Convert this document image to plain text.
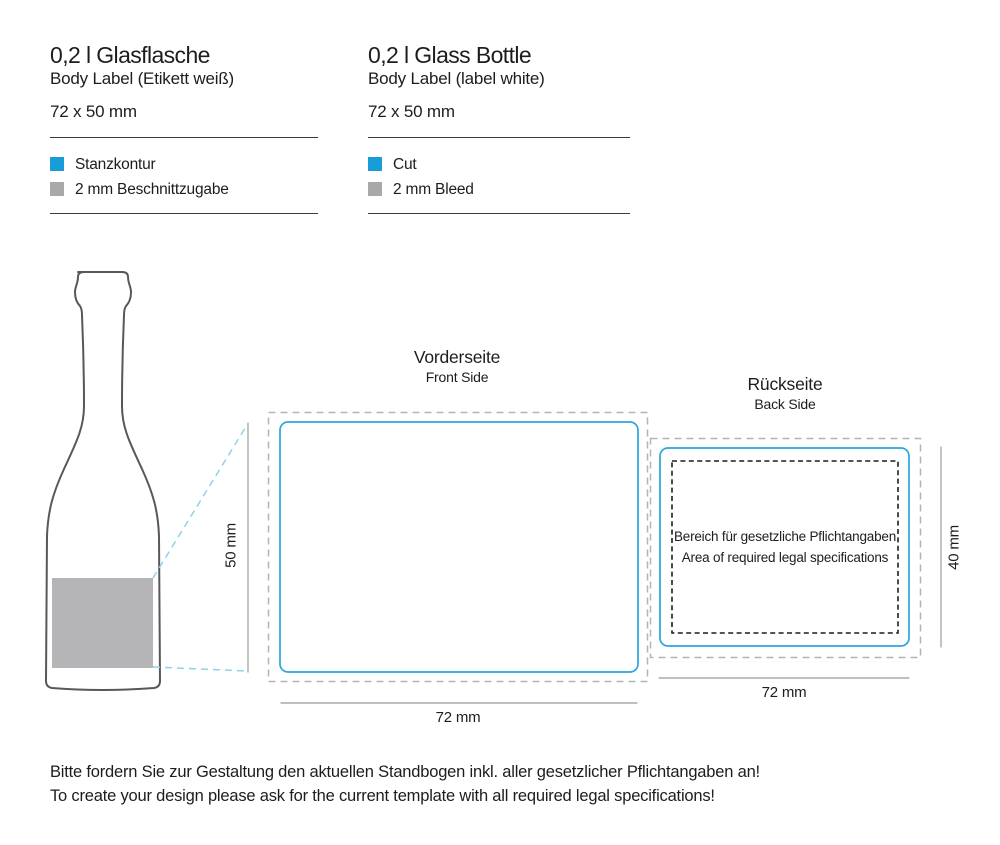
0,2 l Glasflasche
Body Label (Etikett weiß)
72 x 50 mm
Stanzkontur
2 mm Beschnittzugabe
0,2 l Glass Bottle
Body Label (label white)
72 x 50 mm
Cut
2 mm Bleed
Vorderseite
Front Side
50 mm
72 mm
Rückseite
Back Side
Bereich für gesetzliche Pflichtangaben
Area of required legal specifications	40 mm
72 mm
Bitte fordern Sie zur Gestaltung den aktuellen Standbogen inkl. aller gesetzlicher Pflichtangaben an!
To create your design please ask for the current template with all required legal specifications!
